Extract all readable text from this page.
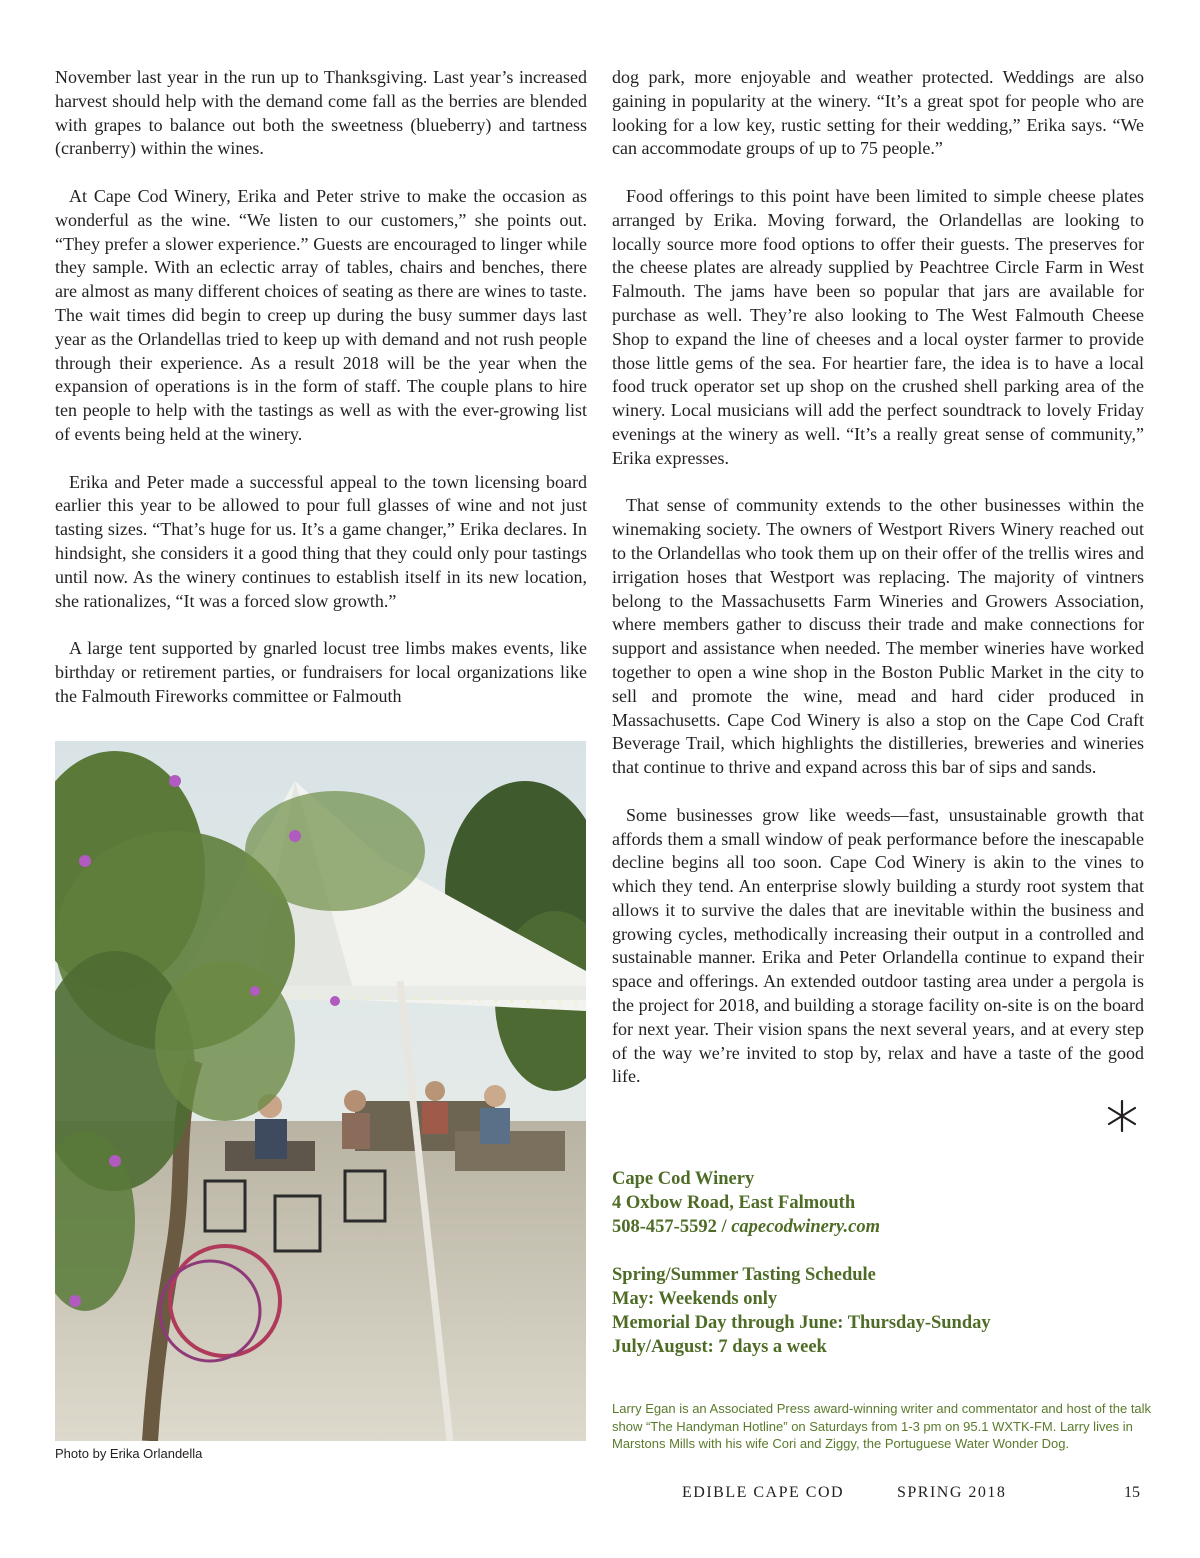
November last year in the run up to Thanksgiving. Last year’s increased harvest should help with the demand come fall as the berries are blended with grapes to balance out both the sweetness (blueberry) and tartness (cranberry) within the wines.

At Cape Cod Winery, Erika and Peter strive to make the occasion as wonderful as the wine. “We listen to our customers,” she points out. “They prefer a slower experience.” Guests are encouraged to linger while they sample. With an eclectic array of tables, chairs and benches, there are almost as many different choices of seating as there are wines to taste. The wait times did begin to creep up during the busy summer days last year as the Orlandellas tried to keep up with demand and not rush people through their experience. As a result 2018 will be the year when the expansion of operations is in the form of staff. The couple plans to hire ten people to help with the tastings as well as with the ever-growing list of events being held at the winery.

Erika and Peter made a successful appeal to the town licensing board earlier this year to be allowed to pour full glasses of wine and not just tasting sizes. “That’s huge for us. It’s a game changer,” Erika declares. In hindsight, she considers it a good thing that they could only pour tastings until now. As the winery continues to establish itself in its new location, she rationalizes, “It was a forced slow growth.”

A large tent supported by gnarled locust tree limbs makes events, like birthday or retirement parties, or fundraisers for local organizations like the Falmouth Fireworks committee or Falmouth

dog park, more enjoyable and weather protected. Weddings are also gaining in popularity at the winery. “It’s a great spot for people who are looking for a low key, rustic setting for their wedding,” Erika says. “We can accommodate groups of up to 75 people.”

Food offerings to this point have been limited to simple cheese plates arranged by Erika. Moving forward, the Orlandellas are looking to locally source more food options to offer their guests. The preserves for the cheese plates are already supplied by Peachtree Circle Farm in West Falmouth. The jams have been so popular that jars are available for purchase as well. They’re also looking to The West Falmouth Cheese Shop to expand the line of cheeses and a local oyster farmer to provide those little gems of the sea. For heartier fare, the idea is to have a local food truck operator set up shop on the crushed shell parking area of the winery. Local musicians will add the perfect soundtrack to lovely Friday evenings at the winery as well. “It’s a really great sense of community,” Erika expresses.

That sense of community extends to the other businesses within the winemaking society. The owners of Westport Rivers Winery reached out to the Orlandellas who took them up on their offer of the trellis wires and irrigation hoses that Westport was replacing. The majority of vintners belong to the Massachusetts Farm Wineries and Growers Association, where members gather to discuss their trade and make connections for support and assistance when needed. The member wineries have worked together to open a wine shop in the Boston Public Market in the city to sell and promote the wine, mead and hard cider produced in Massachusetts. Cape Cod Winery is also a stop on the Cape Cod Craft Beverage Trail, which highlights the distilleries, breweries and wineries that continue to thrive and expand across this bar of sips and sands.

Some businesses grow like weeds—fast, unsustainable growth that affords them a small window of peak performance before the inescapable decline begins all too soon. Cape Cod Winery is akin to the vines to which they tend. An enterprise slowly building a sturdy root system that allows it to survive the dales that are inevitable within the business and growing cycles, methodically increasing their output in a controlled and sustainable manner. Erika and Peter Orlandella continue to expand their space and offerings. An extended outdoor tasting area under a pergola is the project for 2018, and building a storage facility on-site is on the board for next year. Their vision spans the next several years, and at every step of the way we’re invited to stop by, relax and have a taste of the good life.

Photo by Erika Orlandella
Cape Cod Winery
4 Oxbow Road, East Falmouth
508-457-5592 / capecodwinery.com
Spring/Summer Tasting Schedule
May: Weekends only
Memorial Day through June: Thursday-Sunday
July/August: 7 days a week
Larry Egan is an Associated Press award-winning writer and commentator and host of the talk show “The Handyman Hotline” on Saturdays from 1-3 pm on 95.1 WXTK-FM. Larry lives in Marstons Mills with his wife Cori and Ziggy, the Portuguese Water Wonder Dog.
EDIBLE CAPE COD	SPRING 2018	15
